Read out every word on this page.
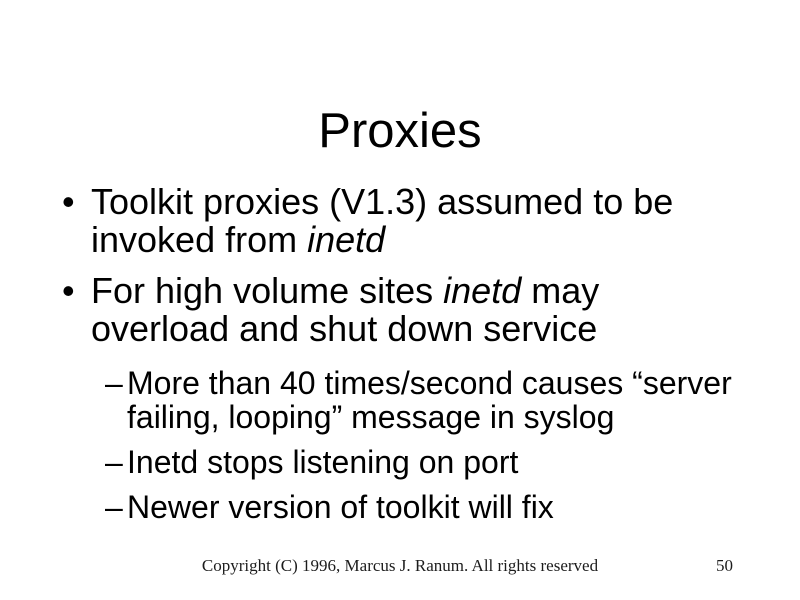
Proxies
• Toolkit proxies (V1.3) assumed to be invoked from inetd
• For high volume sites inetd may overload and shut down service
– More than 40 times/second causes “server failing, looping” message in syslog
– Inetd stops listening on port
– Newer version of toolkit will fix
Copyright (C) 1996, Marcus J. Ranum. All rights reserved	50
